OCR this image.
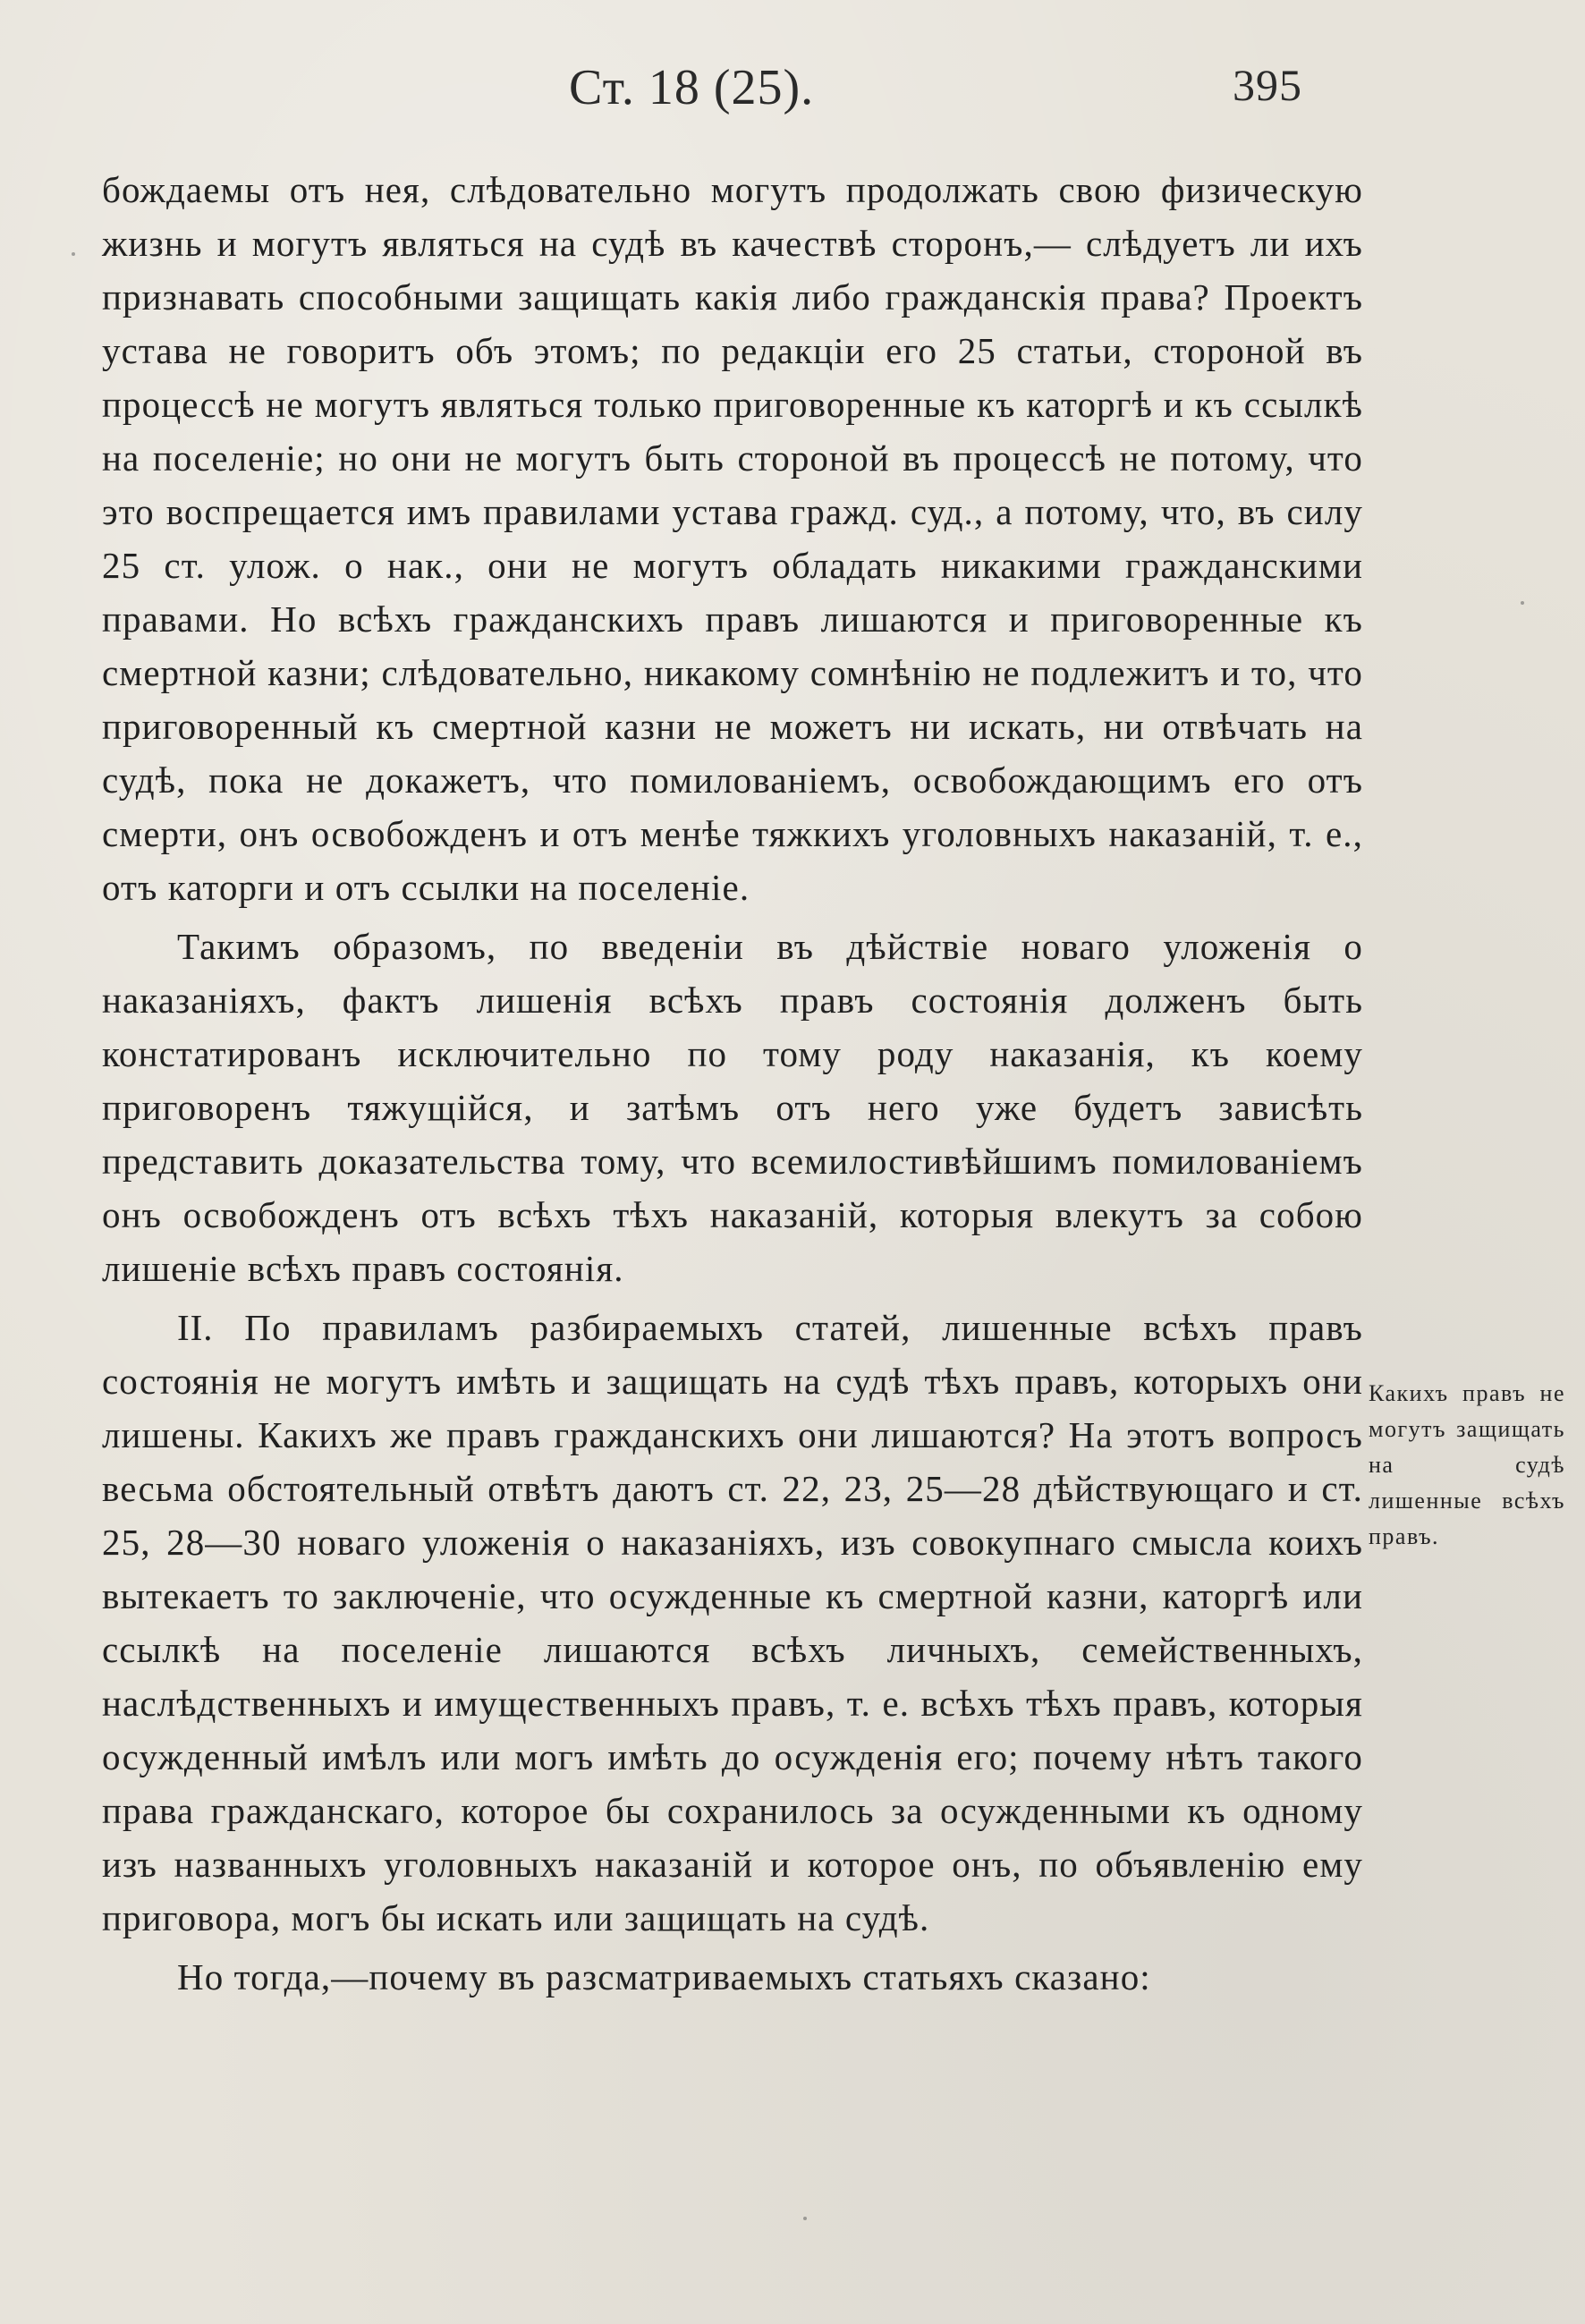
Ст. 18 (25).	395

бождаемы отъ нея, слѣдовательно могутъ продолжать свою физическую жизнь и могутъ являться на судѣ въ качествѣ сторонъ,— слѣдуетъ ли ихъ признавать способными защищать какія либо гражданскія права? Проектъ устава не говоритъ объ этомъ; по редакціи его 25 статьи, стороной въ процессѣ не могутъ являться только приговоренные къ каторгѣ и къ ссылкѣ на поселеніе; но они не могутъ быть стороной въ процессѣ не потому, что это воспрещается имъ правилами устава гражд. суд., а потому, что, въ силу 25 ст. улож. о нак., они не могутъ обладать никакими гражданскими правами. Но всѣхъ гражданскихъ правъ лишаются и приговоренные къ смертной казни; слѣдовательно, никакому сомнѣнію не подлежитъ и то, что приговоренный къ смертной казни не можетъ ни искать, ни отвѣчать на судѣ, пока не докажетъ, что помилованіемъ, освобождающимъ его отъ смерти, онъ освобожденъ и отъ менѣе тяжкихъ уголовныхъ наказаній, т. е., отъ каторги и отъ ссылки на поселеніе.

Такимъ образомъ, по введеніи въ дѣйствіе новаго уложенія о наказаніяхъ, фактъ лишенія всѣхъ правъ состоянія долженъ быть констатированъ исключительно по тому роду наказанія, къ коему приговоренъ тяжущійся, и затѣмъ отъ него уже будетъ зависѣть представить доказательства тому, что всемилостивѣйшимъ помилованіемъ онъ освобожденъ отъ всѣхъ тѣхъ наказаній, которыя влекутъ за собою лишеніе всѣхъ правъ состоянія.

II. По правиламъ разбираемыхъ статей, лишенные всѣхъ правъ состоянія не могутъ имѣть и защищать на судѣ тѣхъ правъ, которыхъ они лишены. Какихъ же правъ гражданскихъ они лишаются? На этотъ вопросъ весьма обстоятельный отвѣтъ даютъ ст. 22, 23, 25—28 дѣйствующаго и ст. 25, 28—30 новаго уложенія о наказаніяхъ, изъ совокупнаго смысла коихъ вытекаетъ то заключеніе, что осужденные къ смертной казни, каторгѣ или ссылкѣ на поселеніе лишаются всѣхъ личныхъ, семейственныхъ, наслѣдственныхъ и имущественныхъ правъ, т. е. всѣхъ тѣхъ правъ, которыя осужденный имѣлъ или могъ имѣть до осужденія его; почему нѣтъ такого права гражданскаго, которое бы сохранилось за осужденными къ одному изъ названныхъ уголовныхъ наказаній и которое онъ, по объявленію ему приговора, могъ бы искать или защищать на судѣ.

Но тогда,—почему въ разсматриваемыхъ статьяхъ сказано:

Какихъ правъ не могутъ защищать на судѣ лишенные всѣхъ правъ.
